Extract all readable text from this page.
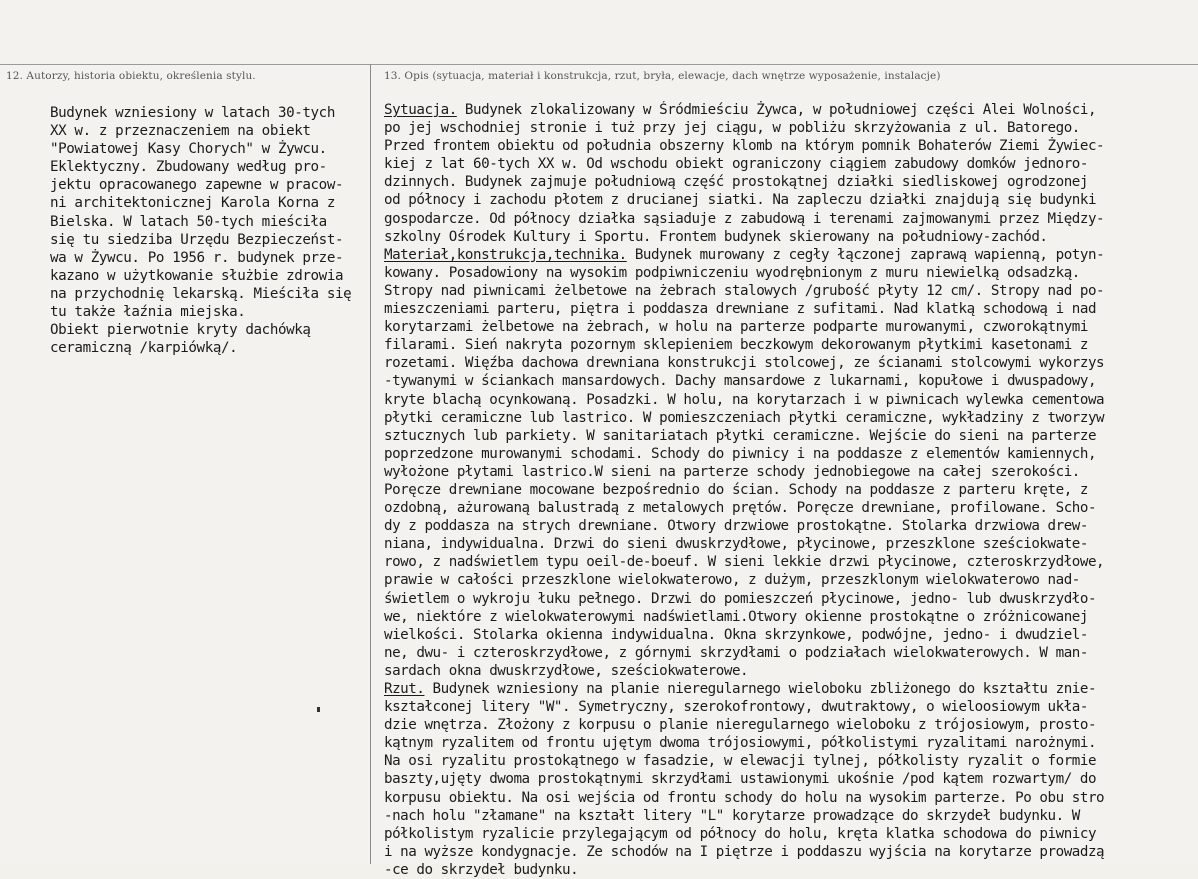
12. Autorzy, historia obiektu, określenia stylu.	13. Opis (sytuacja, materiał i konstrukcja, rzut, bryła, elewacje, dach wnętrze wyposażenie, instalacje)
Budynek wzniesiony w latach 30-tych
XX w. z przeznaczeniem na obiekt
"Powiatowej Kasy Chorych" w Żywcu.
Eklektyczny. Zbudowany według pro-
jektu opracowanego zapewne w pracow-
ni architektonicznej Karola Korna z
Bielska. W latach 50-tych mieściła
się tu siedziba Urzędu Bezpieczeńst-
wa w Żywcu. Po 1956 r. budynek prze-
kazano w użytkowanie służbie zdrowia
na przychodnię lekarską. Mieściła się
tu także łaźnia miejska.
Obiekt pierwotnie kryty dachówką
ceramiczną /karpiówką/.
Sytuacja. Budynek zlokalizowany w Śródmieściu Żywca, w południowej części Alei Wolności,
po jej wschodniej stronie i tuż przy jej ciągu, w pobliżu skrzyżowania z ul. Batorego.
Przed frontem obiektu od południa obszerny klomb na którym pomnik Bohaterów Ziemi Żywiec-
kiej z lat 60-tych XX w. Od wschodu obiekt ograniczony ciągiem zabudowy domków jednoro-
dzinnych. Budynek zajmuje południową część prostokątnej działki siedliskowej ogrodzonej
od północy i zachodu płotem z drucianej siatki. Na zapleczu działki znajdują się budynki
gospodarcze. Od północy działka sąsiaduje z zabudową i terenami zajmowanymi przez Między-
szkolny Ośrodek Kultury i Sportu. Frontem budynek skierowany na południowy-zachód.
Materiał,konstrukcja,technika. Budynek murowany z cegły łączonej zaprawą wapienną, potyn-
kowany. Posadowiony na wysokim podpiwniczeniu wyodrębnionym z muru niewielką odsadzką.
Stropy nad piwnicami żelbetowe na żebrach stalowych /grubość płyty 12 cm/. Stropy nad po-
mieszczeniami parteru, piętra i poddasza drewniane z sufitami. Nad klatką schodową i nad
korytarzami żelbetowe na żebrach, w holu na parterze podparte murowanymi, czworokątnymi
filarami. Sień nakryta pozornym sklepieniem beczkowym dekorowanym płytkimi kasetonami z
rozetami. Więźba dachowa drewniana konstrukcji stolcowej, ze ścianami stolcowymi wykorzys
-tywanymi w ściankach mansardowych. Dachy mansardowe z lukarnami, kopułowe i dwuspadowy,
kryte blachą ocynkowaną. Posadzki. W holu, na korytarzach i w piwnicach wylewka cementowa
płytki ceramiczne lub lastrico. W pomieszczeniach płytki ceramiczne, wykładziny z tworzyw
sztucznych lub parkiety. W sanitariatach płytki ceramiczne. Wejście do sieni na parterze
poprzedzone murowanymi schodami. Schody do piwnicy i na poddasze z elementów kamiennych,
wyłożone płytami lastrico.W sieni na parterze schody jednobiegowe na całej szerokości.
Poręcze drewniane mocowane bezpośrednio do ścian. Schody na poddasze z parteru kręte, z
ozdobną, ażurowaną balustradą z metalowych prętów. Poręcze drewniane, profilowane. Scho-
dy z poddasza na strych drewniane. Otwory drzwiowe prostokątne. Stolarka drzwiowa drew-
niana, indywidualna. Drzwi do sieni dwuskrzydłowe, płycinowe, przeszklone sześciokwate-
rowo, z nadświetlem typu oeil-de-boeuf. W sieni lekkie drzwi płycinowe, czteroskrzydłowe,
prawie w całości przeszklone wielokwaterowo, z dużym, przeszklonym wielokwaterowo nad-
świetlem o wykroju łuku pełnego. Drzwi do pomieszczeń płycinowe, jedno- lub dwuskrzydło-
we, niektóre z wielokwaterowymi nadświetlami.Otwory okienne prostokątne o zróżnicowanej
wielkości. Stolarka okienna indywidualna. Okna skrzynkowe, podwójne, jedno- i dwudziel-
ne, dwu- i czteroskrzydłowe, z górnymi skrzydłami o podziałach wielokwaterowych. W man-
sardach okna dwuskrzydłowe, sześciokwaterowe.
Rzut. Budynek wzniesiony na planie nieregularnego wieloboku zbliżonego do kształtu znie-
kształconej litery "W". Symetryczny, szerokofrontowy, dwutraktowy, o wieloosiowym ukła-
dzie wnętrza. Złożony z korpusu o planie nieregularnego wieloboku z trójosiowym, prosto-
kątnym ryzalitem od frontu ujętym dwoma trójosiowymi, półkolistymi ryzalitami narożnymi.
Na osi ryzalitu prostokątnego w fasadzie, w elewacji tylnej, półkolisty ryzalit o formie
baszty,ujęty dwoma prostokątnymi skrzydłami ustawionymi ukośnie /pod kątem rozwartym/ do
korpusu obiektu. Na osi wejścia od frontu schody do holu na wysokim parterze. Po obu stro
-nach holu "złamane" na kształt litery "L" korytarze prowadzące do skrzydeł budynku. W
półkolistym ryzalicie przylegającym od północy do holu, kręta klatka schodowa do piwnicy
i na wyższe kondygnacje. Ze schodów na I piętrze i poddaszu wyjścia na korytarze prowadzą
-ce do skrzydeł budynku.
